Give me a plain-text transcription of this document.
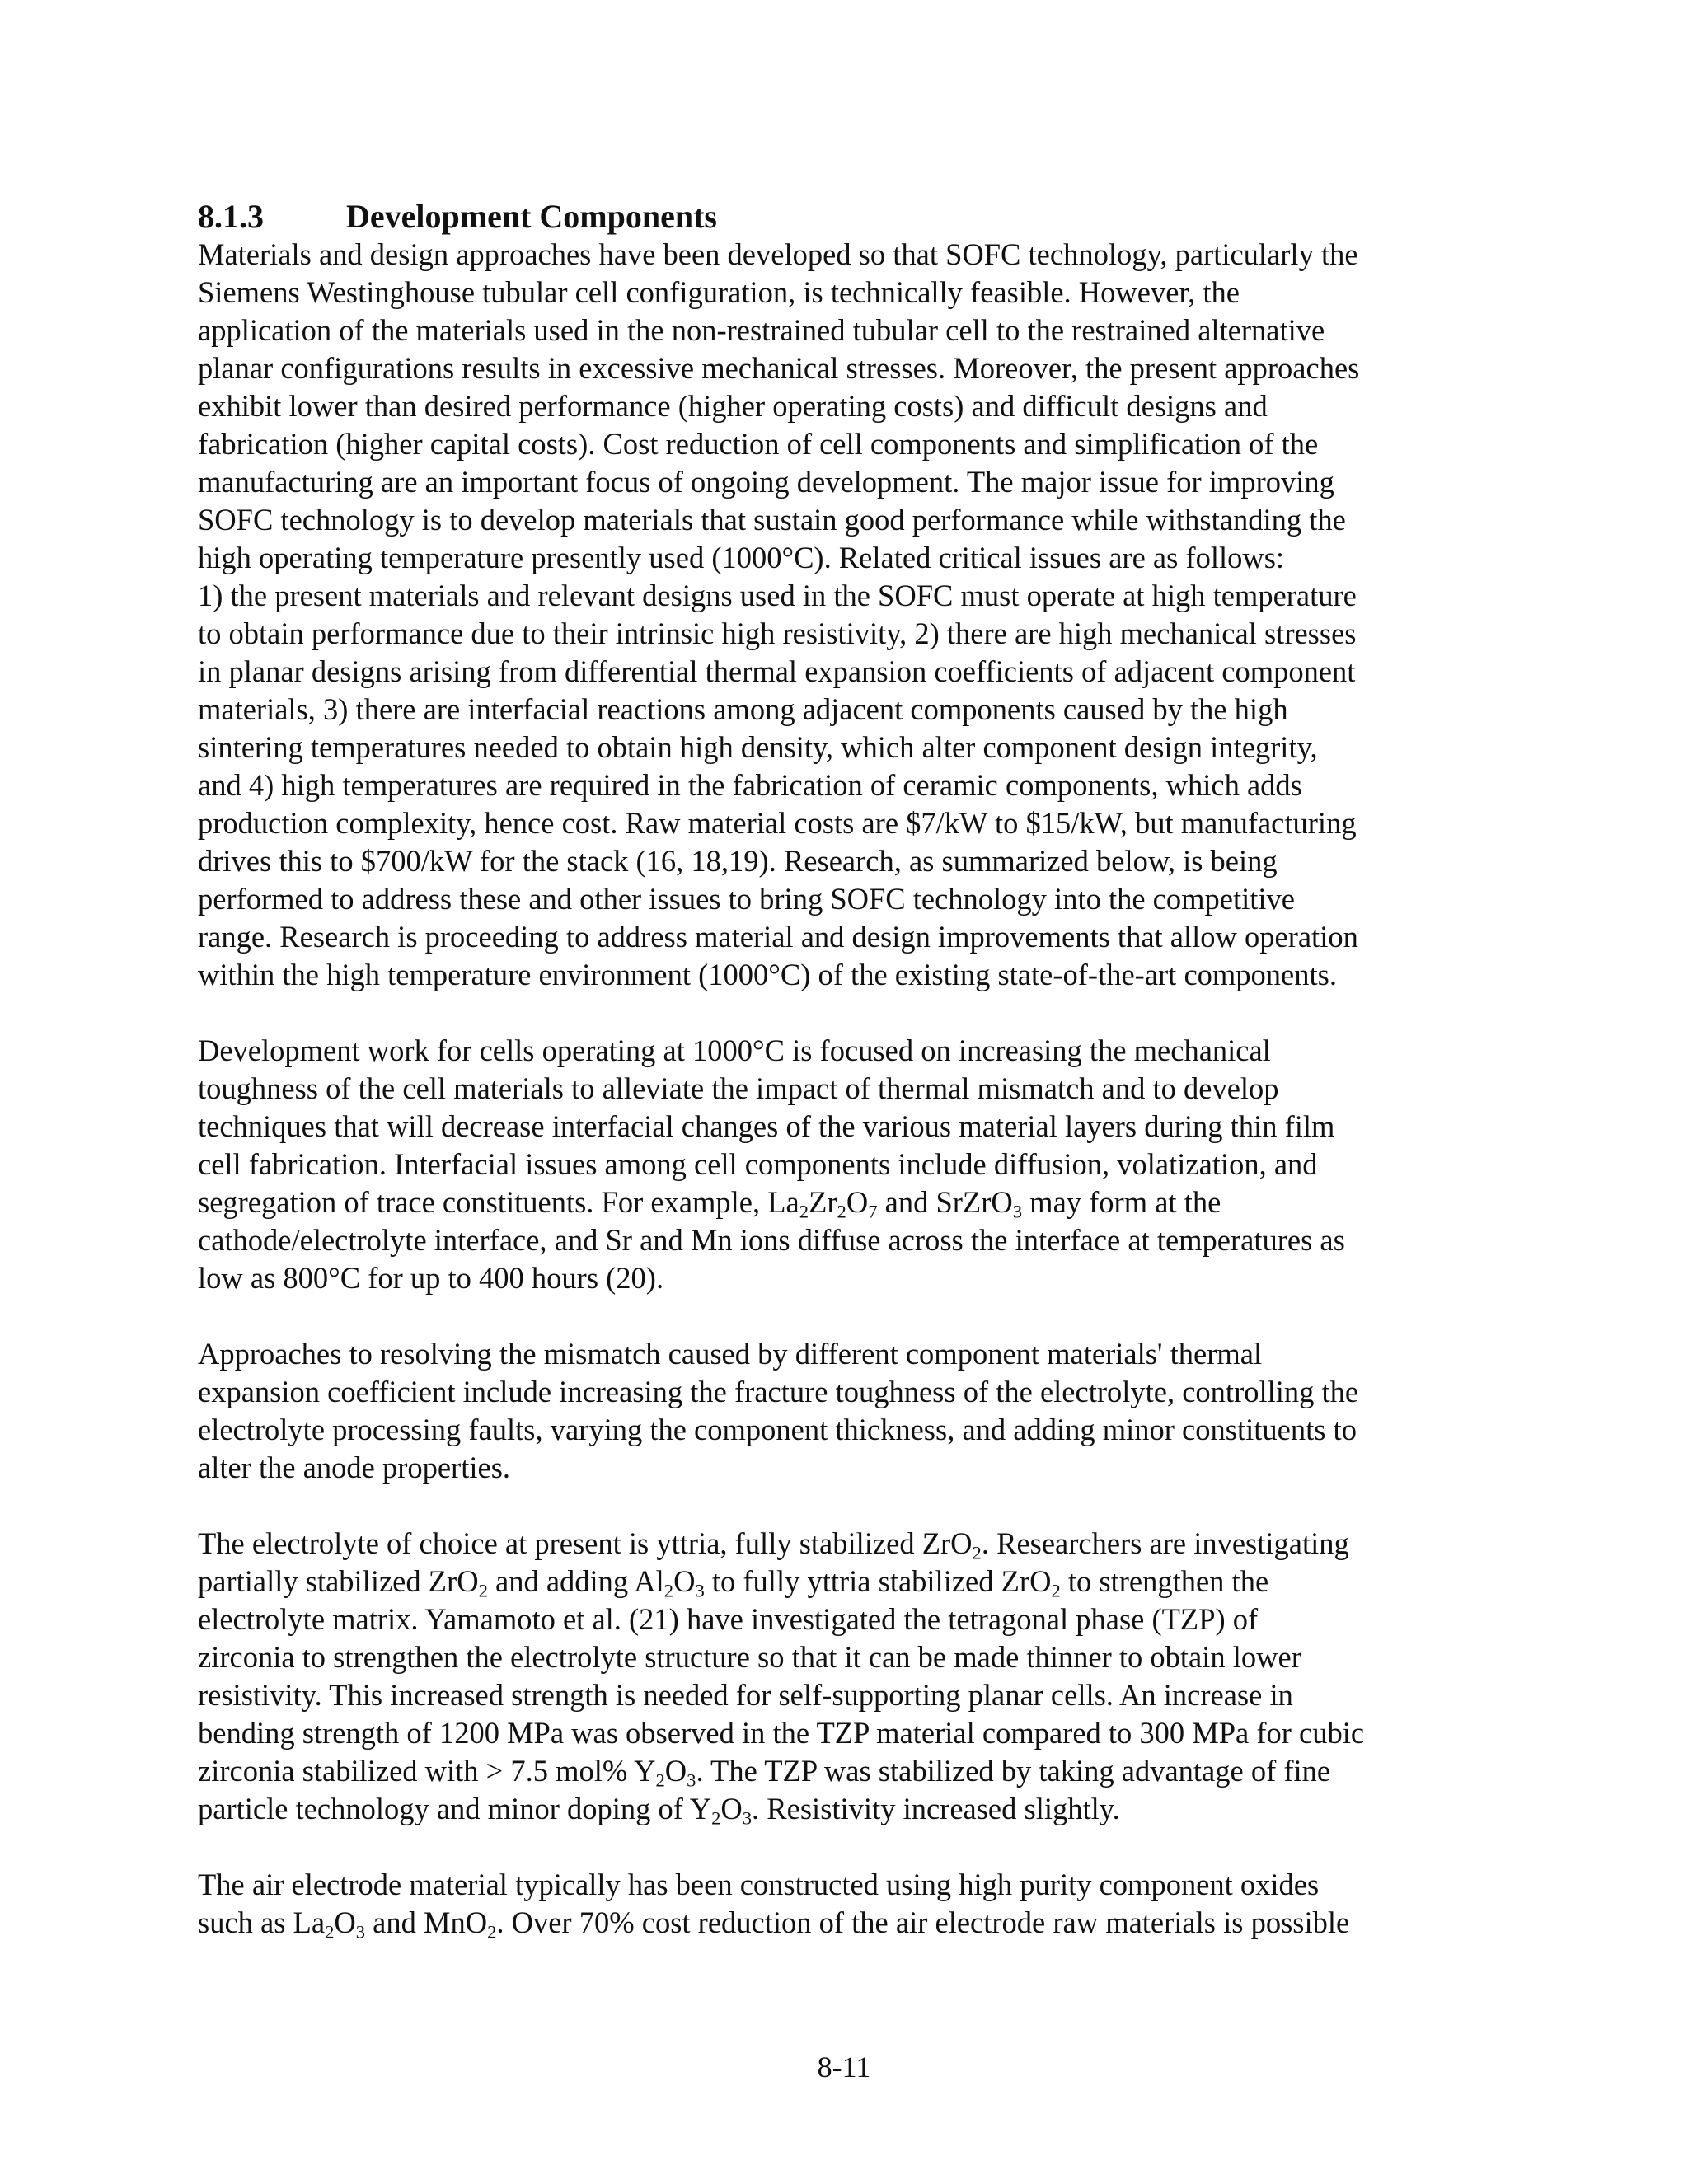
8.1.3	Development Components

Materials and design approaches have been developed so that SOFC technology, particularly the
Siemens Westinghouse tubular cell configuration, is technically feasible. However, the
application of the materials used in the non-restrained tubular cell to the restrained alternative
planar configurations results in excessive mechanical stresses. Moreover, the present approaches
exhibit lower than desired performance (higher operating costs) and difficult designs and
fabrication (higher capital costs). Cost reduction of cell components and simplification of the
manufacturing are an important focus of ongoing development. The major issue for improving
SOFC technology is to develop materials that sustain good performance while withstanding the
high operating temperature presently used (1000°C). Related critical issues are as follows:
1) the present materials and relevant designs used in the SOFC must operate at high temperature
to obtain performance due to their intrinsic high resistivity, 2) there are high mechanical stresses
in planar designs arising from differential thermal expansion coefficients of adjacent component
materials, 3) there are interfacial reactions among adjacent components caused by the high
sintering temperatures needed to obtain high density, which alter component design integrity,
and 4) high temperatures are required in the fabrication of ceramic components, which adds
production complexity, hence cost. Raw material costs are $7/kW to $15/kW, but manufacturing
drives this to $700/kW for the stack (16, 18,19). Research, as summarized below, is being
performed to address these and other issues to bring SOFC technology into the competitive
range. Research is proceeding to address material and design improvements that allow operation
within the high temperature environment (1000°C) of the existing state-of-the-art components.

Development work for cells operating at 1000°C is focused on increasing the mechanical
toughness of the cell materials to alleviate the impact of thermal mismatch and to develop
techniques that will decrease interfacial changes of the various material layers during thin film
cell fabrication. Interfacial issues among cell components include diffusion, volatization, and
segregation of trace constituents. For example, $La_2Zr_2O_7$ and SrZrO$_3$ may form at the
cathode/electrolyte interface, and Sr and Mn ions diffuse across the interface at temperatures as
low as 800°C for up to 400 hours (20).

Approaches to resolving the mismatch caused by different component materials' thermal
expansion coefficient include increasing the fracture toughness of the electrolyte, controlling the
electrolyte processing faults, varying the component thickness, and adding minor constituents to
alter the anode properties.

The electrolyte of choice at present is yttria, fully stabilized ZrO$_2$. Researchers are investigating
partially stabilized ZrO$_2$ and adding $Al_2O_3$ to fully yttria stabilized ZrO$_2$ to strengthen the
electrolyte matrix. Yamamoto et al. (21) have investigated the tetragonal phase (TZP) of
zirconia to strengthen the electrolyte structure so that it can be made thinner to obtain lower
resistivity. This increased strength is needed for self-supporting planar cells. An increase in
bending strength of 1200 MPa was observed in the TZP material compared to 300 MPa for cubic
zirconia stabilized with > 7.5 mol% $Y_2O_3$. The TZP was stabilized by taking advantage of fine
particle technology and minor doping of $Y_2O_3$. Resistivity increased slightly.

The air electrode material typically has been constructed using high purity component oxides
such as $La_2O_3$ and MnO$_2$. Over 70% cost reduction of the air electrode raw materials is possible

8-11
